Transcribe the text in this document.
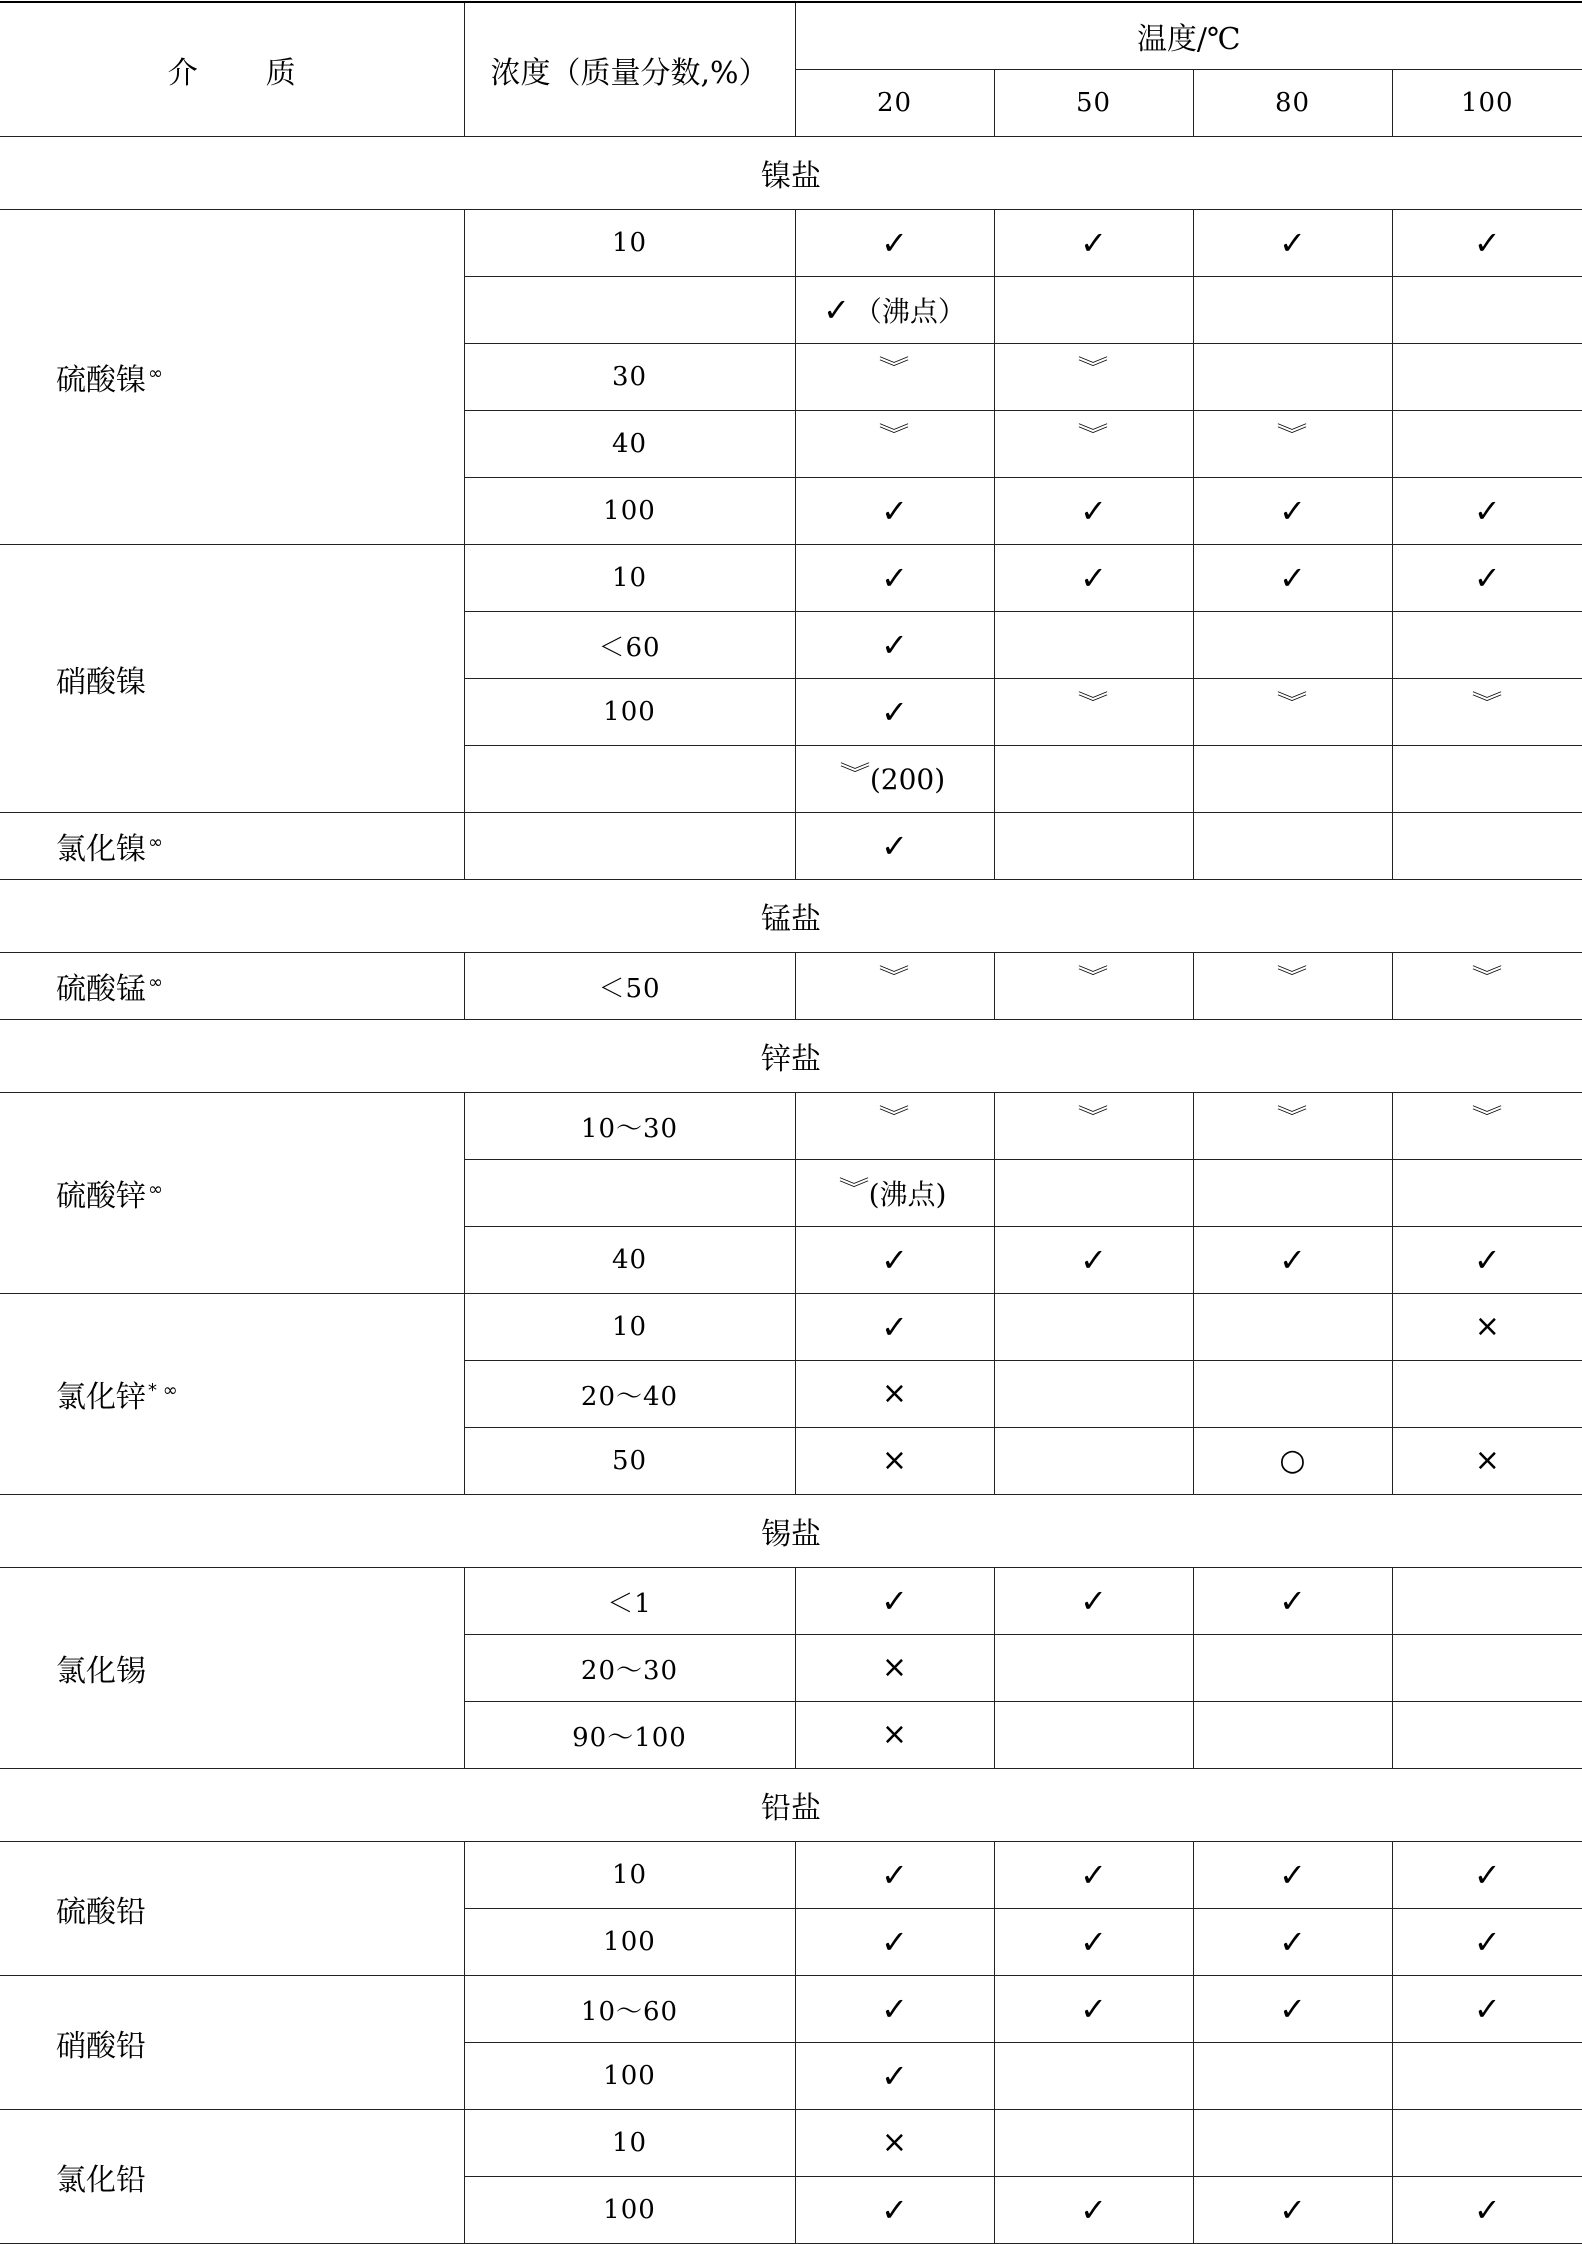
介 质	浓度（质量分数,%）	温度/℃			
		20	50	80	100
镍盐					
硫酸镍 ∞	10	✓	✓	✓	✓
		✓ （沸点）			
	30	︾	︾		
	40	︾	︾	︾	
	100	✓	✓	✓	✓
硝酸镍	10	✓	✓	✓	✓
	＜60	✓			
	100	✓	︾	︾	︾
		︾(200)			
氯化镍 ∞		✓			
锰盐					
硫酸锰 ∞	＜50	︾	︾	︾	︾
锌盐					
硫酸锌 ∞	10～30	︾	︾	︾	︾
		︾(沸点)			
	40	✓	✓	✓	✓
氯化锌 * ∞	10	✓			×
	20～40	×			
	50	×		○	×
锡盐					
氯化锡	＜1	✓	✓	✓	
	20～30	×			
	90～100	×			
铅盐					
硫酸铅	10	✓	✓	✓	✓
	100	✓	✓	✓	✓
硝酸铅	10～60	✓	✓	✓	✓
	100	✓			
氯化铅	10	×			
	100	✓	✓	✓	✓
